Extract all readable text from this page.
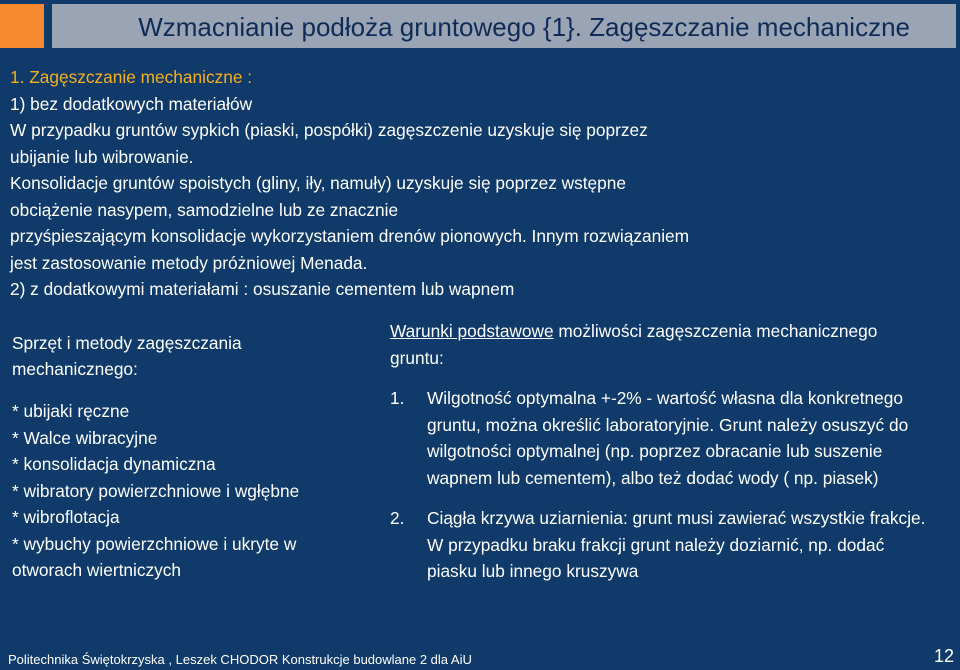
Wzmacnianie podłoża gruntowego {1}. Zagęszczanie mechaniczne
1. Zagęszczanie mechaniczne :
1) bez dodatkowych materiałów
W przypadku gruntów sypkich (piaski, pospółki) zagęszczenie uzyskuje się poprzez
ubijanie lub wibrowanie.
Konsolidacje gruntów spoistych (gliny, iły, namuły) uzyskuje się poprzez wstępne
obciążenie nasypem, samodzielne lub ze znacznie
przyśpieszającym konsolidacje wykorzystaniem drenów pionowych. Innym rozwiązaniem
jest zastosowanie metody próżniowej Menada.
2) z dodatkowymi materiałami : osuszanie cementem lub wapnem
Sprzęt i metody zagęszczania mechanicznego:
* ubijaki ręczne
* Walce wibracyjne
* konsolidacja dynamiczna
* wibratory powierzchniowe i wgłębne
* wibroflotacja
* wybuchy powierzchniowe i ukryte w otworach wiertniczych
Warunki podstawowe możliwości zagęszczenia mechanicznego gruntu:
1.	Wilgotność optymalna +-2% - wartość własna dla konkretnego gruntu, można określić laboratoryjnie. Grunt należy osuszyć do wilgotności optymalnej (np. poprzez obracanie lub suszenie wapnem lub cementem), albo też dodać wody ( np. piasek)
2.	Ciągła krzywa uziarnienia: grunt musi zawierać wszystkie frakcje. W przypadku braku frakcji grunt należy doziarnić, np. dodać piasku lub innego kruszywa
Politechnika Świętokrzyska , Leszek CHODOR Konstrukcje budowlane 2 dla AiU	12
